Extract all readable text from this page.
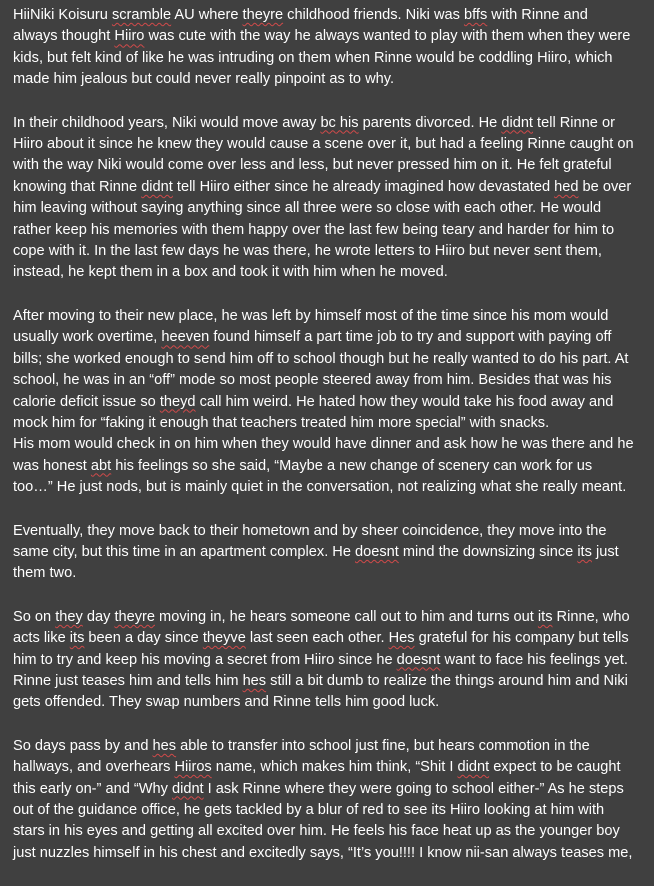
HiiNiki Koisuru scramble AU where theyre childhood friends. Niki was bffs with Rinne and
always thought Hiiro was cute with the way he always wanted to play with them when they were
kids, but felt kind of like he was intruding on them when Rinne would be coddling Hiiro, which
made him jealous but could never really pinpoint as to why.
In their childhood years, Niki would move away bc his parents divorced. He didnt tell Rinne or
Hiiro about it since he knew they would cause a scene over it, but had a feeling Rinne caught on
with the way Niki would come over less and less, but never pressed him on it. He felt grateful
knowing that Rinne didnt tell Hiiro either since he already imagined how devastated hed be over
him leaving without saying anything since all three were so close with each other. He would
rather keep his memories with them happy over the last few being teary and harder for him to
cope with it. In the last few days he was there, he wrote letters to Hiiro but never sent them,
instead, he kept them in a box and took it with him when he moved.
After moving to their new place, he was left by himself most of the time since his mom would
usually work overtime, heeven found himself a part time job to try and support with paying off
bills; she worked enough to send him off to school though but he really wanted to do his part. At
school, he was in an “off” mode so most people steered away from him. Besides that was his
calorie deficit issue so theyd call him weird. He hated how they would take his food away and
mock him for “faking it enough that teachers treated him more special” with snacks.
His mom would check in on him when they would have dinner and ask how he was there and he
was honest abt his feelings so she said, “Maybe a new change of scenery can work for us
too…” He just nods, but is mainly quiet in the conversation, not realizing what she really meant.
Eventually, they move back to their hometown and by sheer coincidence, they move into the
same city, but this time in an apartment complex. He doesnt mind the downsizing since its just
them two.
So on they day theyre moving in, he hears someone call out to him and turns out its Rinne, who
acts like its been a day since theyve last seen each other. Hes grateful for his company but tells
him to try and keep his moving a secret from Hiiro since he doesnt want to face his feelings yet.
Rinne just teases him and tells him hes still a bit dumb to realize the things around him and Niki
gets offended. They swap numbers and Rinne tells him good luck.
So days pass by and hes able to transfer into school just fine, but hears commotion in the
hallways, and overhears Hiiros name, which makes him think, “Shit I didnt expect to be caught
this early on-” and “Why didnt I ask Rinne where they were going to school either-” As he steps
out of the guidance office, he gets tackled by a blur of red to see its Hiiro looking at him with
stars in his eyes and getting all excited over him. He feels his face heat up as the younger boy
just nuzzles himself in his chest and excitedly says, “It’s you!!!! I know nii-san always teases me,
